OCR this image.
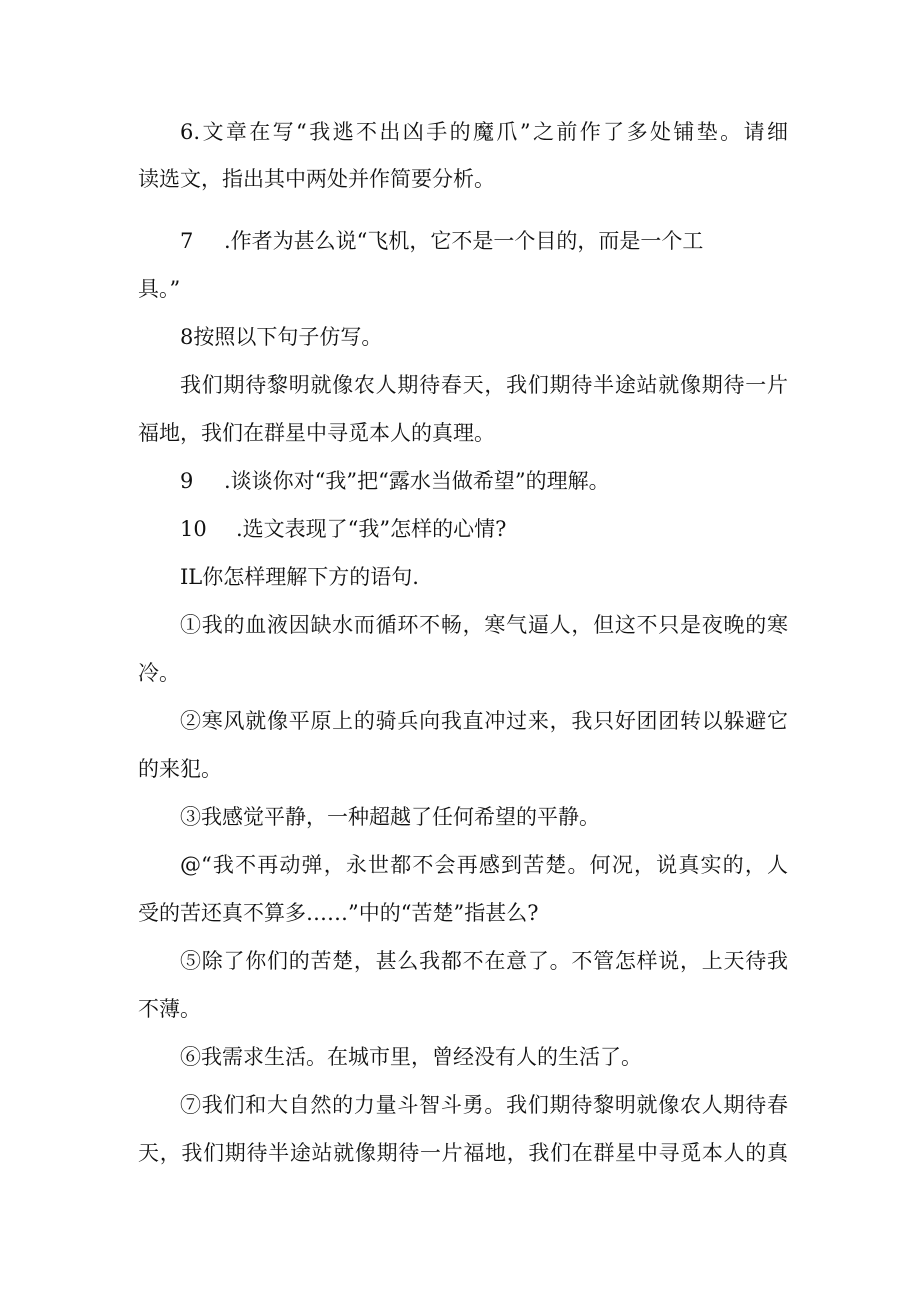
6.文章在写“我逃不出凶手的魔爪”之前作了多处铺垫。请细
读选文，指出其中两处并作简要分析。
7 .作者为甚么说“飞机，它不是一个目的，而是一个工
具。”
8按照以下句子仿写。
我们期待黎明就像农人期待春天，我们期待半途站就像期待一片
福地，我们在群星中寻觅本人的真理。
9 .谈谈你对“我”把“露水当做希望”的理解。
10 .选文表现了“我”怎样的心情?
IL你怎样理解下方的语句.
①我的血液因缺水而循环不畅，寒气逼人，但这不只是夜晚的寒
冷。
②寒风就像平原上的骑兵向我直冲过来，我只好团团转以躲避它
的来犯。
③我感觉平静，一种超越了任何希望的平静。
@“我不再动弹，永世都不会再感到苦楚。何况，说真实的，人
受的苦还真不算多……”中的“苦楚”指甚么?
⑤除了你们的苦楚，甚么我都不在意了。不管怎样说，上天待我
不薄。
⑥我需求生活。在城市里，曾经没有人的生活了。
⑦我们和大自然的力量斗智斗勇。我们期待黎明就像农人期待春
天，我们期待半途站就像期待一片福地，我们在群星中寻觅本人的真
